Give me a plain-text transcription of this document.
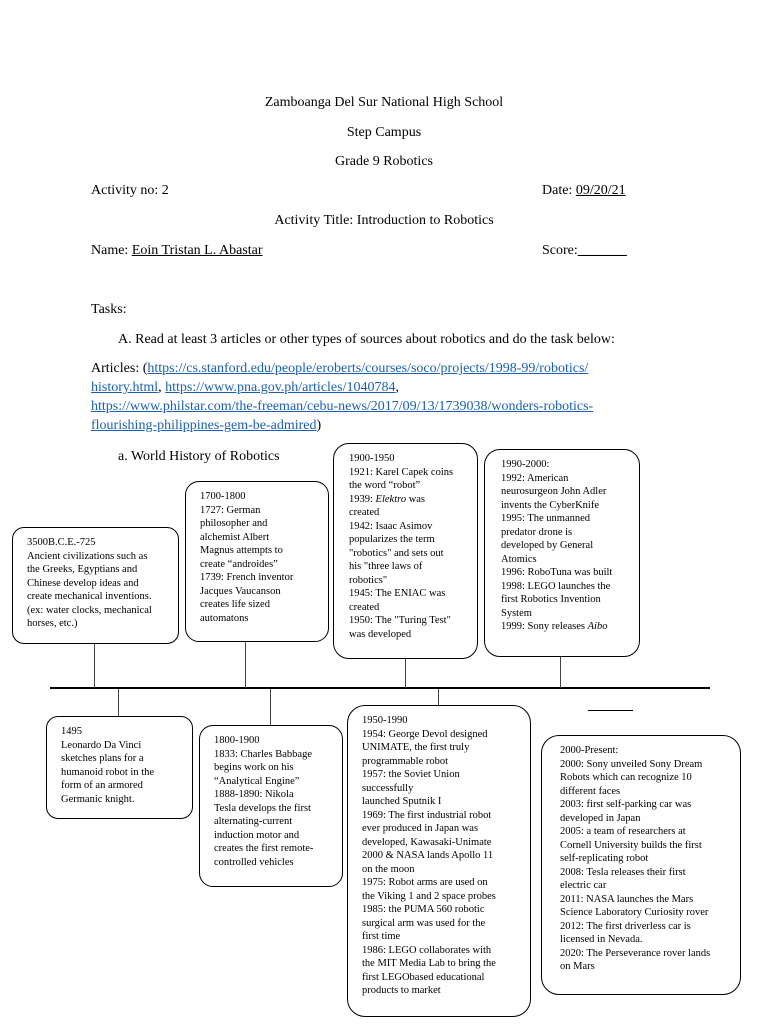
Zamboanga Del Sur National High School
Step Campus
Grade 9 Robotics
Activity no: 2	Date: 09/20/21
Activity Title: Introduction to Robotics
Name: Eoin Tristan L. Abastar	Score:_______
Tasks:
A. Read at least 3 articles or other types of sources about robotics and do the task below:
Articles: (https://cs.stanford.edu/people/eroberts/courses/soco/projects/1998-99/robotics/
history.html, https://www.pna.gov.ph/articles/1040784,
https://www.philstar.com/the-freeman/cebu-news/2017/09/13/1739038/wonders-robotics-
flourishing-philippines-gem-be-admired)
a. World History of Robotics
3500B.C.E.-725
Ancient civilizations such as
the Greeks, Egyptians and
Chinese develop ideas and
create mechanical inventions.
(ex: water clocks, mechanical
horses, etc.)
1700-1800
1727: German
philosopher and
alchemist Albert
Magnus attempts to
create “androides”
1739: French inventor
Jacques Vaucanson
creates life sized
automatons
1900-1950
1921: Karel Capek coins
the word “robot”
1939: Elektro was
created
1942: Isaac Asimov
popularizes the term
"robotics" and sets out
his "three laws of
robotics"
1945: The ENIAC was
created
1950: The "Turing Test"
was developed
1990-2000:
1992: American
neurosurgeon John Adler
invents the CyberKnife
1995: The unmanned
predator drone is
developed by General
Atomics
1996: RoboTuna was built
1998: LEGO launches the
first Robotics Invention
System
1999: Sony releases Aibo
1495
Leonardo Da Vinci
sketches plans for a
humanoid robot in the
form of an armored
Germanic knight.
1800-1900
1833: Charles Babbage
begins work on his
“Analytical Engine”
1888-1890: Nikola
Tesla develops the first
alternating-current
induction motor and
creates the first remote-
controlled vehicles
1950-1990
1954: George Devol designed
UNIMATE, the first truly
programmable robot
1957: the Soviet Union
successfully
launched Sputnik I
1969: The first industrial robot
ever produced in Japan was
developed, Kawasaki-Unimate
2000 & NASA lands Apollo 11
on the moon
1975: Robot arms are used on
the Viking 1 and 2 space probes
1985: the PUMA 560 robotic
surgical arm was used for the
first time
1986: LEGO collaborates with
the MIT Media Lab to bring the
first LEGObased educational
products to market
2000-Present:
2000: Sony unveiled Sony Dream
Robots which can recognize 10
different faces
2003: first self-parking car was
developed in Japan
2005: a team of researchers at
Cornell University builds the first
self-replicating robot
2008: Tesla releases their first
electric car
2011: NASA launches the Mars
Science Laboratory Curiosity rover
2012: The first driverless car is
licensed in Nevada.
2020: The Perseverance rover lands
on Mars
